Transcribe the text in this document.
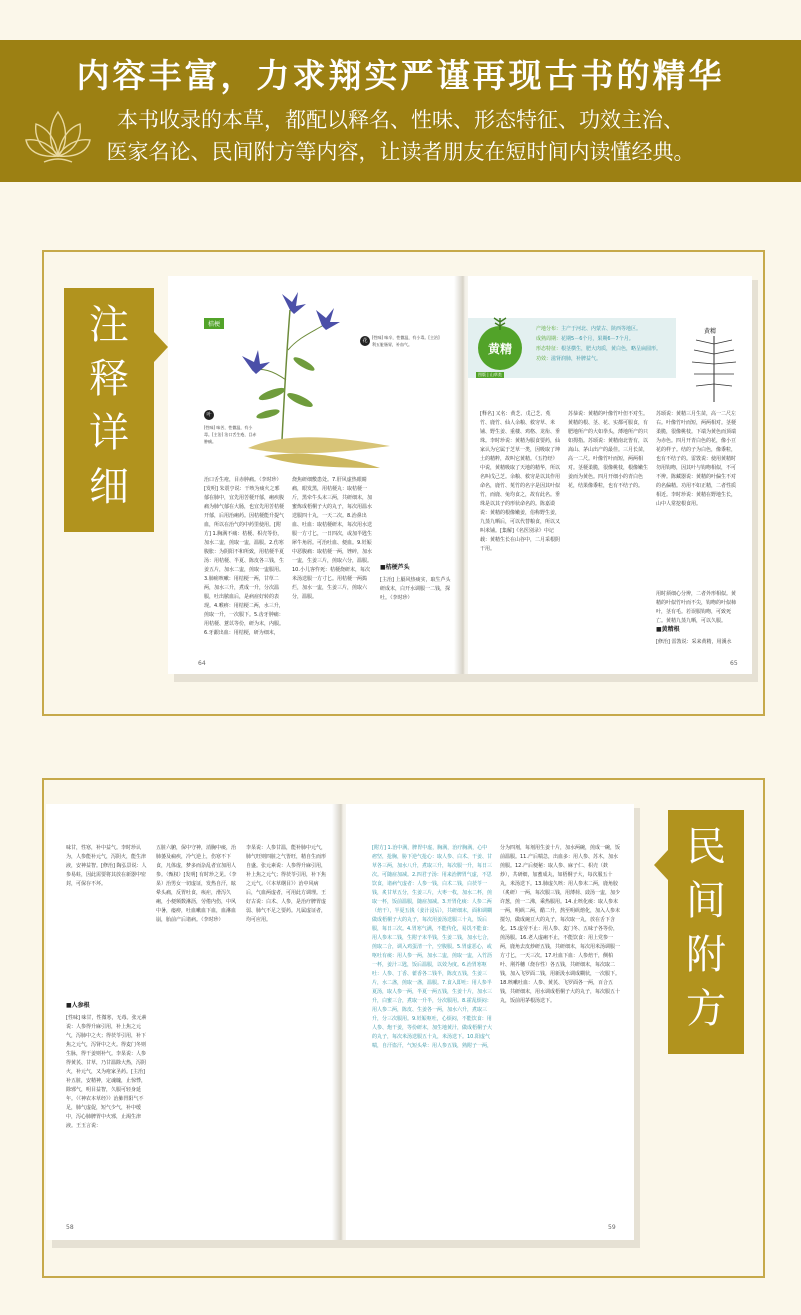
内容丰富，力求翔实严谨再现古书的精华
本书收录的本草，都配以释名、性味、形态特征、功效主治、
医家名论、民间附方等内容，让读者朋友在短时间内读懂经典。
注
释
详
细
桔梗
花
[性味] 味辛，性微温，有小毒。[主治] 利五脏肠胃，补血气。
叶
[性味] 味苦，性微温，有小毒。[主治] 治口舌生疮，目赤肿痛。
治口舌生疮，目赤肿痛。（李时珍）[发明] 朱震亨说：干咳为痰火之邪郁在肺中，宜先用苦梗开郁，痢疾腹痛为肺气郁在大肠，也宜先用苦桔梗开郁，后用治痢药。因桔梗能升提气血，所以在治气的中药里使用。[附方] 1.胸满不痛：桔梗、枳壳等份，加水二盅，煎取一盅，温服。2.伤寒腹胀：为阴阳不和所致，用桔梗半夏汤：用桔梗、半夏、陈皮各三钱，生姜五片，加水二盅，煎取一盅服用。3.肺痈咳嗽：用桔梗一两，甘草二两，加水三升，煮成一升，分次温服，吐出脓血后，是病症好转的表现。4.喉痹：用桔梗二两，水三升，煎取一升，一次服下。5.齿牙肿痛：用桔梗、薏苡等份，研为末，内服。6.牙龈出血：用桔梗，研为细末，
烧焦研细敷患处。7.肝风虚热眼睛痛，眼发黑，用桔梗丸：取桔梗一斤，黑牵牛头末三两，共研细末，加蜜炼成梧桐子大的丸子，每次用温水送服四十丸，一天二次。8.治鼻出血、吐血：取桔梗研末，每次用水送服一方寸匕，一日四次，或加半匙生犀牛角屑。可治吐血、便血。9.妊娠中恶腹痛：取桔梗一两，锉碎，加水一盅，生姜三片，煎取六分，温服。10.小儿客忤死：桔梗烧研末，每次米汤送服一方寸匕。用桔梗一两捣烂，加水一盅，生姜三片，煎取六分，温服。
■桔梗芦头
[主治] 上膈风热痰实，取生芦头研成末，白开水调服一二钱，探吐。（李时珍）
64
黄精
图版 | 山草类
产地分布：主产于河北、内蒙古、陕西等地区。
成熟周期：花期5－6个月，果期6－7个月。
形态特征：根茎横生，肥大肉质，黄白色，略呈扁圆形。
功效：滋肾润肺，补脾益气。
黄精
[释名] 又名：黄芝、戊己芝、菟竹、鹿竹、仙人余粮、救穷草、米铺、野生姜、重楼、鸡格、龙衔、垂珠。李时珍说：黄精为服食要药，仙家认为它属于芝草一类，因吸取了坤土的精粹，故叫它黄精。《五符经》中说，黄精吸取了天地的精华，所以名叫戊己芝。余粮、救穷是以其作用命名，鹿竹、菟竹的名字是因其叶似竹，而鹿、兔均食之，故有此名。垂珠是以其子的形状命名的。陈嘉谟说：黄精的根像嫩姜，俗称野生姜，九蒸九晒后，可以代替粮食，所以又叫米铺。[集解]《名医别录》中记载：黄精生长在山谷中，二月采根阴干用。
苏恭说：黄精的叶像竹叶但不对生。黄精的根、茎、花、实都可服食，有肥地所产的大如拳头，薄地所产的只如拇指。苏颂说：黄精南北皆有，以嵩山、茅山出产的最佳。三月长苗，高一二尺。叶像竹叶而短，两两相对。茎梗柔脆，很像桃枝，根像嫩生姜而为黄色。四月开细小的青白色花，结果像黍粒，也有不结子的。
苏颂说：黄精三月生苗，高一二尺左右。叶像竹叶而短，两两相对。茎梗柔脆，很像桃枝。下端为黄色而顶端为赤色。四月开青白色的花，像小豆花的样子。结的子为白色，像黍粒，也有不结子的。雷敩说：使用黄精时勿用钩吻，因其叶与钩吻相似，不可不辨。陈藏器说：黄精的叶偏生不对的名偏精。功用不如正精，二者性质相近。李时珍说：黄精在野地生长，山中人常挖根食用。
用时须细心分辨，二者外形相似。黄精的叶似竹叶而不尖，钩吻的叶似柿叶，茎有毛。若误服钩吻，可致死亡。黄精九蒸九晒，可以久服。
■黄精根
[修治] 雷敩说：采来黄精，用溪水
65
民
间
附
方
味甘，性寒，补中益气。李时珍认为，人参能补元气，泻阴火，能生津液，安神益智。[修治] 陶弘景说：人参易蛀，因此需要将其放在新器中密封，可保存不坏。
■人参根
[性味] 味甘，性微寒，无毒。张元素说：人参得升麻引用，补上焦之元气，泻肺中之火；得茯苓引用，补下焦之元气，泻肾中之火。得麦门冬则生脉，得干姜则补气。李杲说：人参得黄芪、甘草，乃甘温除大热，泻阴火，补元气，又为疮家圣药。[主治] 补五脏，安精神，定魂魄，止惊悸，除邪气，明目益智，久服可轻身延年。（《神农本草经》）治肺胃阳气不足，肺气虚促，短气少气，补中缓中，泻心肺脾胃中火邪，止渴生津液。王玉言说：
五脏六腑，保中守神，消胸中痰，治肺萎及痫疾，冷气逆上，伤寒不下食，凡体虚，梦多而杂乱者宜加用人参。（甄权）[发明] 有时珍之见。（李杲）治男女一切虚证，发热自汗，眩晕头痛，反胃吐食，痎疟，滑泻久痢，小便频数淋沥，劳倦内伤，中风中暑，痿痹，吐血嗽血下血，血淋血崩，胎前产后诸病。（李时珍）
李杲说：人参甘温，能补肺中元气，肺气旺则四脏之气皆旺，精自生而形自盛。张元素说：人参得升麻引用，补上焦之元气；得茯苓引用，补下焦之元气。（《本草纲目》）治中风病后，气血两虚者，可用此方调理。王好古说：白术、人参，是治疗脾胃虚弱、肺气不足之要药。凡属虚证者，均可应用。
58
[附方] 1.治中满，脾胃中虚，胸满，治疗胸满，心中痞坚，抢胸，胁下逆气抢心：取人参、白术、干姜、甘草各三两，加水八升，煮取三升，每次服一升，每日三次。可随症加减。2.四君子汤：用来治脾胃气虚，不思饮食，诸病气虚者：人参一钱，白术二钱，白茯苓一钱，炙甘草五分，生姜三片，大枣一枚，加水二杯，煎取一杯，饭前温服，随症加减。3.开胃化痰：人参二两（焙干），半夏五钱（姜汁浸后），共研细末，面和调糊做成梧桐子大的丸子，每次用姜汤送服三十丸，饭后服，每日三次。4.胃寒气满，不能传化，易饥不能食：用人参末二钱，生附子末半钱，生姜二钱，加水七合，煎取二合，调入鸡蛋清一个，空腹服。5.胃虚恶心，或呕吐有痰：用人参一两，加水二盅，煎取一盅，入竹沥一杯，姜汁三匙，饭后温服，以效为度。6.治胃寒呕吐：人参、丁香、藿香各二钱半，陈皮五钱，生姜三片，水二盏，煎取一盏，温服。7.食入即吐：用人参半夏汤，取人参一两，半夏一两五钱，生姜十片，加水三升，白蜜三合，煮取一升半，分次服用。8.霍乱烦闷：用人参二两，陈皮、生姜各一两，加水六升，煮取三升，分三次服用。9.妊娠呕吐，心烦闷，不能饮食：用人参、炮干姜，等份研末，加生地黄汁，做成梧桐子大的丸子，每次米汤送服五十丸，米汤送下。10.阳虚气喘，自汗盗汗，气短头晕：用人参五钱，熟附子一两，
分为四剂，每剂用生姜十片，加水两碗，煎成一碗，饭前温服。11.产后喘急，出血多：用人参、苏木，加水煎服。12.产后便秘：取人参、麻子仁、枳壳（麸炒），共研细，加蜜成丸，如梧桐子大，每次服五十丸，米汤送下。13.肺虚久咳：用人参末二两，鹿角胶（炙研）一两，每次服三钱，用薄荷、豉汤一盅，加少许葱，煎一二沸，乘热服用。14.止咳化痰：取人参末一两，明矾二两，醋二升，熬至明矾熔化，加入人参末搅匀，做成豌豆大的丸子，每次取一丸，放在舌下含化。15.虚劳不止：用人参、麦门冬、五味子各等份，煎汤服。16.老人虚痢不止，不能饮食：用上党参一两，鹿角去皮炒研五钱，共研细末，每次用米汤调服一方寸匕，一天三次。17.吐血下血：人参焙干，侧柏叶、荆芥穗（烧存性）各五钱，共研细末，每次取二钱，加入飞罗面二钱，用新汲水调成糊状，一次服下。18.咳嗽吐血：人参、黄芪、飞罗面各一两，百合五钱，共研细末，用水调成梧桐子大的丸子，每次服五十丸，饭前用茅根汤送下。
59
